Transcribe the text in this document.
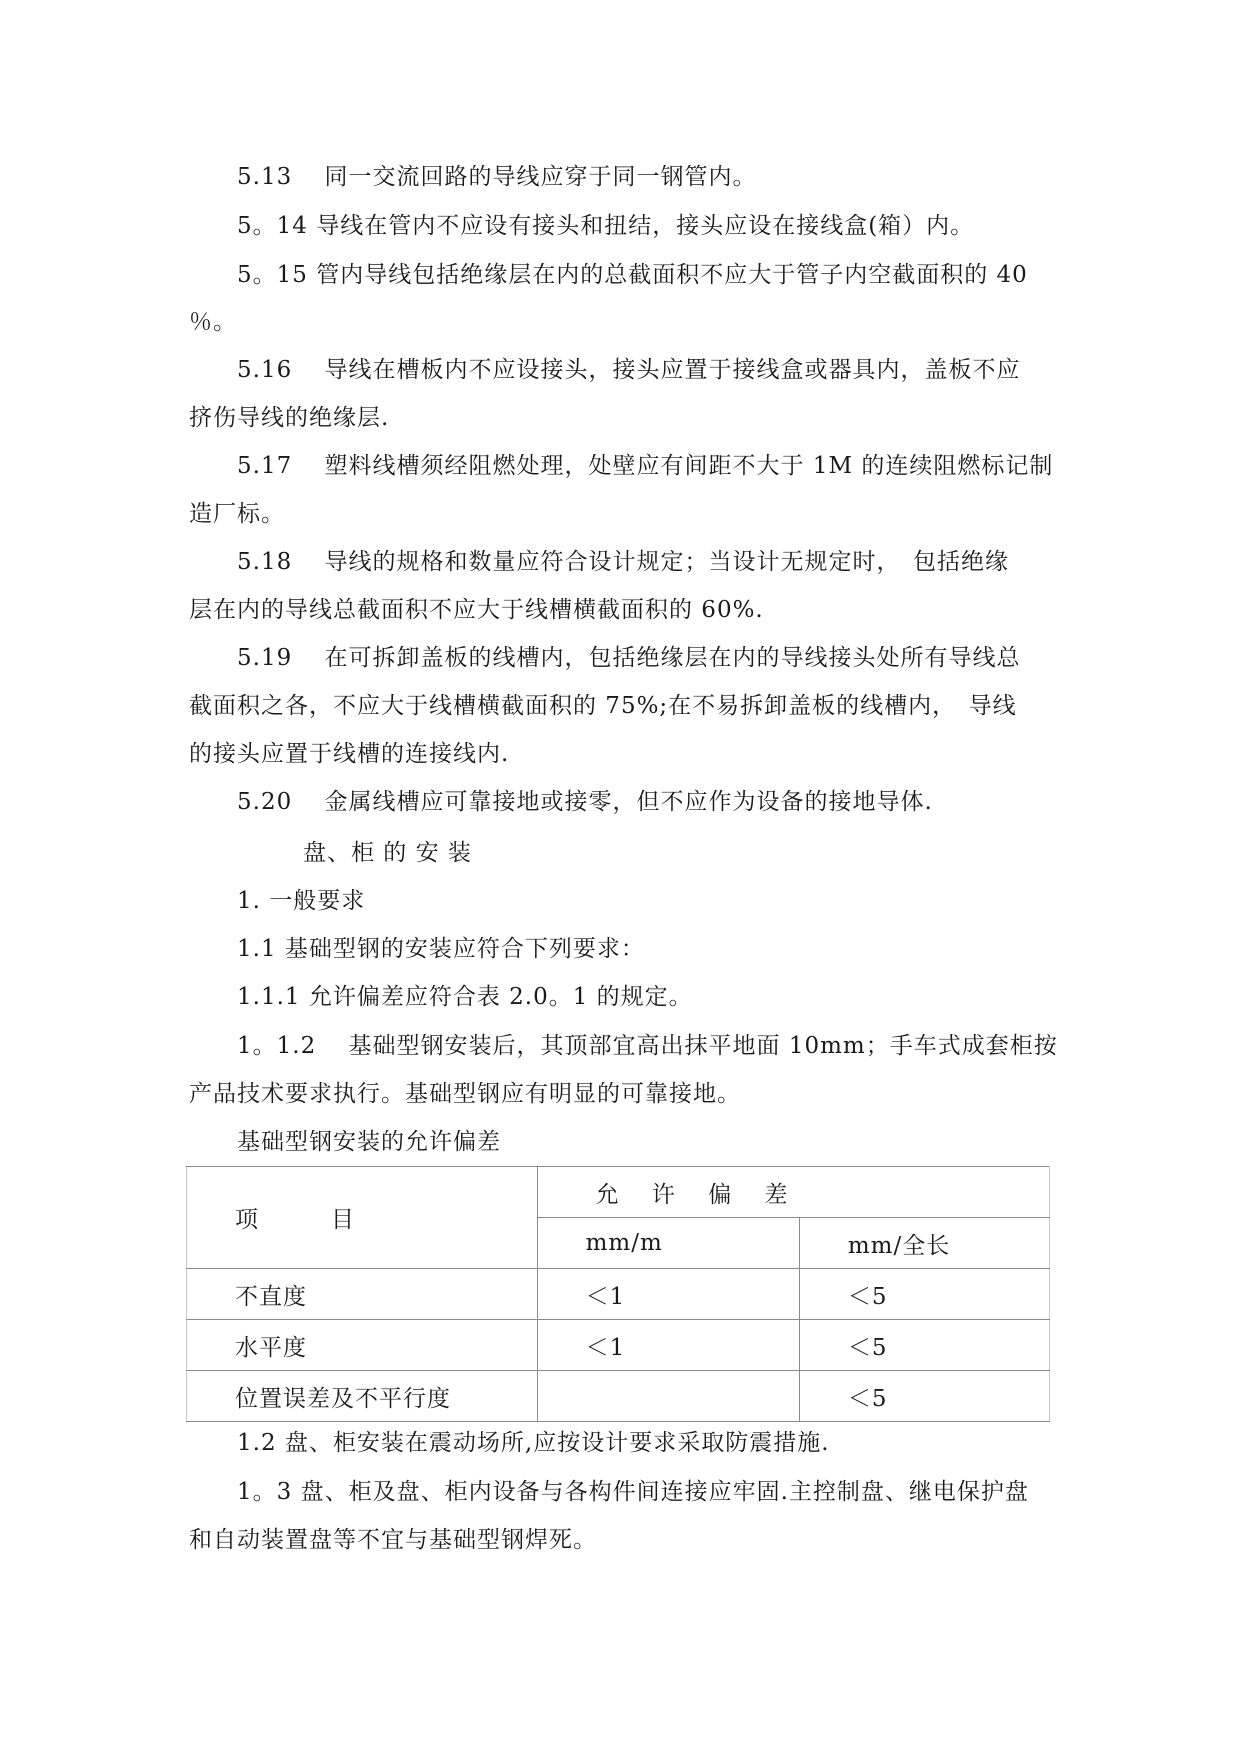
5.13　 同一交流回路的导线应穿于同一钢管内。
5。14 导线在管内不应设有接头和扭结，接头应设在接线盒(箱）内。
5。15 管内导线包括绝缘层在内的总截面积不应大于管子内空截面积的 40
％。
5.16　 导线在槽板内不应设接头，接头应置于接线盒或器具内，盖板不应
挤伤导线的绝缘层.
5.17　 塑料线槽须经阻燃处理，处壁应有间距不大于 1M 的连续阻燃标记制
造厂标。
5.18　 导线的规格和数量应符合设计规定；当设计无规定时，　包括绝缘
层在内的导线总截面积不应大于线槽横截面积的 60%.
5.19　 在可拆卸盖板的线槽内，包括绝缘层在内的导线接头处所有导线总
截面积之各，不应大于线槽横截面积的 75%;在不易拆卸盖板的线槽内，　导线
的接头应置于线槽的连接线内.
5.20　 金属线槽应可靠接地或接零，但不应作为设备的接地导体.
盘、柜 的 安 装
1. 一般要求
1.1 基础型钢的安装应符合下列要求：
1.1.1 允许偏差应符合表 2.0。1 的规定。
1。1.2　 基础型钢安装后，其顶部宜高出抹平地面 10mm；手车式成套柜按
产品技术要求执行。基础型钢应有明显的可靠接地。
基础型钢安装的允许偏差
项　　　目	允　 许　 偏　 差	
	mm/m	mm/全长
不直度	＜1	＜5
水平度	＜1	＜5
位置误差及不平行度		＜5
1.2 盘、柜安装在震动场所,应按设计要求采取防震措施.
1。3 盘、柜及盘、柜内设备与各构件间连接应牢固.主控制盘、继电保护盘
和自动装置盘等不宜与基础型钢焊死。
